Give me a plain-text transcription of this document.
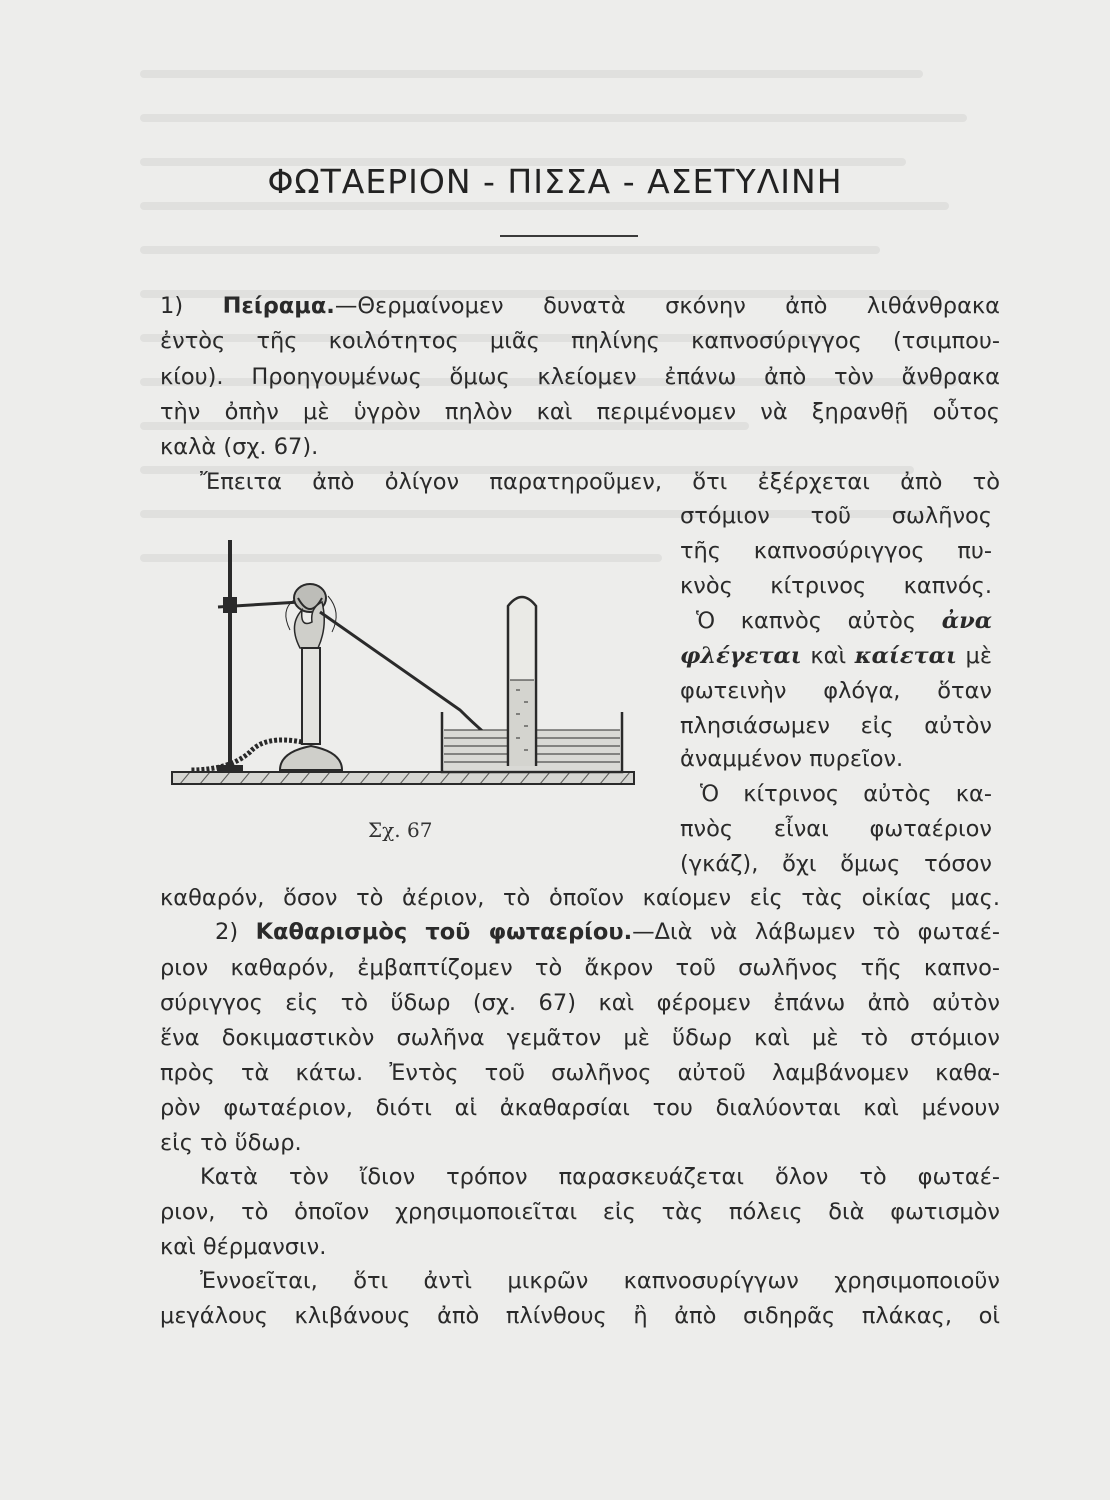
ΦΩΤΑΕΡΙΟΝ - ΠΙΣΣΑ - ΑΣΕΤΥΛΙΝΗ
1) Πείραμα.—Θερμαίνομεν δυνατὰ σκόνην ἀπὸ λιθάνθρακα
ἐντὸς τῆς κοιλότητος μιᾶς πηλίνης καπνοσύριγγος (τσιμπου-
κίου). Προηγουμένως ὅμως κλείομεν ἐπάνω ἀπὸ τὸν ἄνθρακα
τὴν ὀπὴν μὲ ὑγρὸν πηλὸν καὶ περιμένομεν νὰ ξηρανθῇ οὗτος
καλὰ (σχ. 67).
Ἔπειτα ἀπὸ ὀλίγον παρατηροῦμεν, ὅτι ἐξέρχεται ἀπὸ τὸ
στόμιον τοῦ σωλῆνος
τῆς καπνοσύριγγος πυ-
κνὸς κίτρινος καπνός.
Ὁ καπνὸς αὐτὸς ἀνα
φλέγεται καὶ καίεται μὲ
φωτεινὴν φλόγα, ὅταν
πλησιάσωμεν εἰς αὐτὸν
ἀναμμένον πυρεῖον.
Ὁ κίτρινος αὐτὸς κα-
πνὸς εἶναι φωταέριον
(γκάζ), ὄχι ὅμως τόσον
καθαρόν, ὅσον τὸ ἀέριον, τὸ ὁποῖον καίομεν εἰς τὰς οἰκίας μας.
Σχ. 67
2) Καθαρισμὸς τοῦ φωταερίου.—Διὰ νὰ λάβωμεν τὸ φωταέ-
ριον καθαρόν, ἐμβαπτίζομεν τὸ ἄκρον τοῦ σωλῆνος τῆς καπνο-
σύριγγος εἰς τὸ ὕδωρ (σχ. 67) καὶ φέρομεν ἐπάνω ἀπὸ αὐτὸν
ἕνα δοκιμαστικὸν σωλῆνα γεμᾶτον μὲ ὕδωρ καὶ μὲ τὸ στόμιον
πρὸς τὰ κάτω. Ἐντὸς τοῦ σωλῆνος αὐτοῦ λαμβάνομεν καθα-
ρὸν φωταέριον, διότι αἱ ἀκαθαρσίαι του διαλύονται καὶ μένουν
εἰς τὸ ὕδωρ.
Κατὰ τὸν ἴδιον τρόπον παρασκευάζεται ὅλον τὸ φωταέ-
ριον, τὸ ὁποῖον χρησιμοποιεῖται εἰς τὰς πόλεις διὰ φωτισμὸν
καὶ θέρμανσιν.
Ἐννοεῖται, ὅτι ἀντὶ μικρῶν καπνοσυρίγγων χρησιμοποιοῦν
μεγάλους κλιβάνους ἀπὸ πλίνθους ἢ ἀπὸ σιδηρᾶς πλάκας, οἱ
